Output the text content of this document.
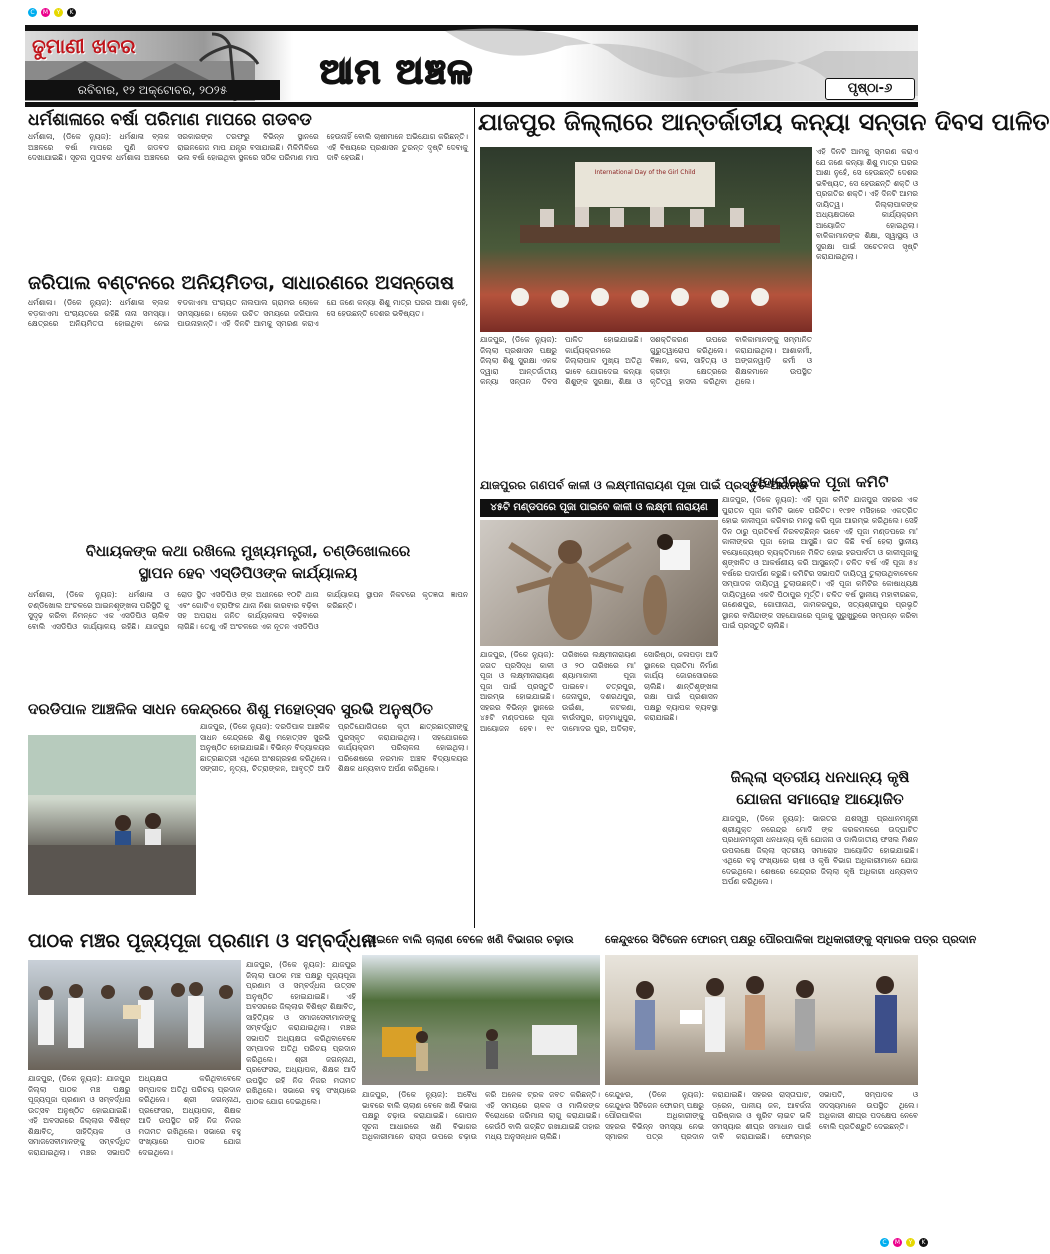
C	M	Y	K
ଢୁମାଣୀ ଖବର
ରବିବାର, ୧୨ ଅକ୍ଟୋବର, ୨୦୨୫	ଆମ ଅଞ୍ଚଳ	ପୃଷ୍ଠା-୬
ଧର୍ମଶାଳାରେ ବର୍ଷା ପରିମାଣ ମାପରେ ଗଡବଡ
ଧର୍ମଶାଳା, (ଡିକେ ନ୍ୟୁଜ): ଧର୍ମଶାଳା ବ୍ଲକ ଅଞ୍ଚଳରେ ବର୍ଷା ମାପରେ ପୁଣି ଗଡବଡ ଦେଖାଯାଇଛି। ସୂଚନା ମୁତାବକ ଧର୍ମଶାଳା ଅଞ୍ଚଳରେ ସରକାରଙ୍କ ତରଫରୁ ବିଭିନ୍ନ ସ୍ଥାନରେ ରାଇନଗେଜ ମାପ ଯନ୍ତ୍ର ବସାଯାଇଛି। ମିଳିମିଳିରେ ଭଲ ବର୍ଷା ହୋଇଥିବା ସ୍ଥଳରେ ସଠିକ ପରିମାଣ ମାପ ହେଉନାହିଁ ବୋଲି ଚାଷୀମାନେ ଅଭିଯୋଗ କରିଛନ୍ତି। ଏହି ବିଷୟରେ ପ୍ରଶାସନ ତୁରନ୍ତ ଦୃଷ୍ଟି ଦେବାକୁ ଦାବି ହେଉଛି।
ଜରିପାଲ ବଣ୍ଟନରେ ଅନିୟମିତତା, ସାଧାରଣରେ ଅସନ୍ତୋଷ
ଧର୍ମଶାଳା। (ଡିକେ ନ୍ୟୁଜ): ଧର୍ମଶାଳା ବ୍ଲକ ବଡ଼କାଏମା ପଂଚାୟତରେ ରହିଛି ନାନା ସମସ୍ୟା। କ୍ଷେତ୍ରରେ ଅନିୟମିତତା ହୋଇଥିବା ନେଇ ବଡକାଏମା ପଂଚାୟତ ନାଲପାଲ ଗ୍ରାମର ଲୋକେ ସମସ୍ୟାରେ। ଲୋକେ ଉଚିତ ସମୟରେ ଜରିପାଲ ପାଉନାହାନ୍ତି। ଏହି ଦିନଟି ଆମକୁ ସ୍ମରଣ କରାଏ ଯେ ଜଣେ କନ୍ୟା ଶିଶୁ ମାତ୍ର ଘରର ଆଶା ନୁହେଁ, ସେ ହେଉଛନ୍ତି ଦେଶର ଭବିଷ୍ୟତ।
ବିଧାୟକଙ୍କ କଥା ରଖିଲେ ମୁଖ୍ୟମନ୍ତ୍ରୀ, ଚଣ୍ଡିଖୋଲରେ
ସ୍ଥାପନ ହେବ ଏସ୍‌ଡିପିଓଙ୍କ କାର୍ଯ୍ୟାଳୟ
ଧର୍ମଶାଳା, (ଡିକେ ନ୍ୟୁଜ): ଧର୍ମଶାଳା ଓ ଚଣ୍ଡିଖୋଲ ଅଂଚଳରେ ଆଇନଶୃଙ୍ଖଳା ପରିସ୍ଥିତି କୁ ସୁଦୃଢ଼ କରିବା ନିମନ୍ତେ ଏକ ଏସଡିପିଓ ଚାଲିବ ବୋଲି ଏସଡିପିଓ କାର୍ଯ୍ୟାଳୟ ରହିଛି। ଯାଜପୁର ରୋଡ ସ୍ଥିତ ଏସଡିପିଓ ଙ୍କ ଅଧୀନରେ ୧୦ଟି ଥାନା ଏବଂ ଗୋଟିଏ ଟ୍ରାଫିକ ଥାନା ନିଶା କାରବାର ବଢ଼ିବା ସହ ଅପରାଧ ଜନିତ କାର୍ଯ୍ୟକଳାପ ବଢ଼ିବାରେ ଲାଗିଛି। ତେଣୁ ଏହି ଅଂଚଳରେ ଏକ ନୂତନ ଏସଡିପିଓ କାର୍ଯ୍ୟାଳୟ ସ୍ଥାପନ ନିକଟରେ କୃତଜ୍ଞତା ଜ୍ଞାପନ କରିଛନ୍ତି।
ଦରଡିପାଳ ଆଞ୍ଚଳିକ ସାଧନ କେନ୍ଦ୍ରରେ ଶିଶୁ ମହୋତ୍ସବ ସୁରଭି ଅନୁଷ୍ଠିତ
ଯାଜପୁର, (ଡିକେ ନ୍ୟୁଜ): ଦରଡିପାଳ ଆଞ୍ଚଳିକ ସାଧନ କେନ୍ଦ୍ରରେ ଶିଶୁ ମହୋତ୍ସବ ସୁରଭି ଅନୁଷ୍ଠିତ ହୋଇଯାଇଛି। ବିଭିନ୍ନ ବିଦ୍ୟାଳୟର ଛାତ୍ରଛାତ୍ରୀ ଏଥିରେ ଅଂଶଗ୍ରହଣ କରିଥିଲେ। ସଙ୍ଗୀତ, ନୃତ୍ୟ, ଚିତ୍ରାଙ୍କନ, ଆବୃତ୍ତି ଆଦି ପ୍ରତିଯୋଗିତାରେ କୃତୀ ଛାତ୍ରଛାତ୍ରୀଙ୍କୁ ପୁରସ୍କୃତ କରାଯାଇଥିଲା। ସହଯୋଗରେ କାର୍ଯ୍ୟକ୍ରମ ପରିଚାଳନା ହୋଇଥିଲା। ପରିଶେଷରେ ନରମାଳ ଅଞ୍ଚଳ ବିଦ୍ୟାଳୟର ଶିକ୍ଷକ ଧନ୍ୟବାଦ ଅର୍ପଣ କରିଥିଲେ।
ପାଠକ ମଞ୍ଚର ପୂଜ୍ୟପୂଜା ପ୍ରଣାମ ଓ ସମ୍ବର୍ଦ୍ଧନା
ଯାଜପୁର, (ଡିକେ ନ୍ୟୁଜ): ଯାଜପୁର ଜିଲ୍ଲା ପାଠକ ମଞ୍ଚ ପକ୍ଷରୁ ପୂଜ୍ୟପୂଜା ପ୍ରଣାମ ଓ ସମ୍ବର୍ଦ୍ଧନା ଉତ୍ସବ ଅନୁଷ୍ଠିତ ହୋଇଯାଇଛି। ଏହି ଅବସରରେ ଜିଲ୍ଲାର ବିଶିଷ୍ଟ ଶିକ୍ଷାବିତ୍, ସାହିତ୍ୟିକ ଓ ସମାଜସେବୀମାନଙ୍କୁ ସମ୍ବର୍ଦ୍ଧିତ କରାଯାଇଥିଲା। ମଞ୍ଚର ସଭାପତି ଅଧ୍ୟକ୍ଷତା କରିଥିବାବେଳେ ସମ୍ପାଦକ ଅତିଥି ପରିଚୟ ପ୍ରଦାନ କରିଥିଲେ। ଶ୍ରୀ ଜଗନ୍ନାଥ, ପ୍ରଫେସର, ଅଧ୍ୟାପକ, ଶିକ୍ଷକ ଆଦି ଉପସ୍ଥିତ ରହି ନିଜ ନିଜର ମତାମତ ରଖିଥିଲେ। ସଭାରେ ବହୁ ସଂଖ୍ୟାରେ ପାଠକ ଯୋଗ ଦେଇଥିଲେ।
ଯାଜପୁର, (ଡିକେ ନ୍ୟୁଜ): ଯାଜପୁର ଜିଲ୍ଲା ପାଠକ ମଞ୍ଚ ପକ୍ଷରୁ ପୂଜ୍ୟପୂଜା ପ୍ରଣାମ ଓ ସମ୍ବର୍ଦ୍ଧନା ଉତ୍ସବ ଅନୁଷ୍ଠିତ ହୋଇଯାଇଛି। ଏହି ଅବସରରେ ଜିଲ୍ଲାର ବିଶିଷ୍ଟ ଶିକ୍ଷାବିତ୍, ସାହିତ୍ୟିକ ଓ ସମାଜସେବୀମାନଙ୍କୁ ସମ୍ବର୍ଦ୍ଧିତ କରାଯାଇଥିଲା। ମଞ୍ଚର ସଭାପତି ଅଧ୍ୟକ୍ଷତା କରିଥିବାବେଳେ ସମ୍ପାଦକ ଅତିଥି ପରିଚୟ ପ୍ରଦାନ କରିଥିଲେ। ଶ୍ରୀ ଜଗନ୍ନାଥ, ପ୍ରଫେସର, ଅଧ୍ୟାପକ, ଶିକ୍ଷକ ଆଦି ଉପସ୍ଥିତ ରହି ନିଜ ନିଜର ମତାମତ ରଖିଥିଲେ। ସଭାରେ ବହୁ ସଂଖ୍ୟାରେ ପାଠକ ଯୋଗ ଦେଇଥିଲେ।
ଯାଜପୁର ଜିଲ୍ଲାରେ ଆନ୍ତର୍ଜାତୀୟ କନ୍ୟା ସନ୍ତାନ ଦିବସ ପାଳିତ
International Day of the Girl Child
ଏହି ଦିନଟି ଆମକୁ ସ୍ମରଣ କରାଏ ଯେ ଜଣେ କନ୍ୟା ଶିଶୁ ମାତ୍ର ଘରର ଆଶା ନୁହେଁ, ସେ ହେଉଛନ୍ତି ଦେଶର ଭବିଷ୍ୟତ, ସେ ହେଉଛନ୍ତି ଶକ୍ତି ଓ ପ୍ରଗତିର ଶକ୍ତି। ଏହି ଦିନଟି ଆମର ଦାୟିତ୍ୱ। ଜିଲ୍ଲାପାଳଙ୍କ ଅଧ୍ୟକ୍ଷତାରେ କାର୍ଯ୍ୟକ୍ରମ ଆୟୋଜିତ ହୋଇଥିଲା। ବାଳିକାମାନଙ୍କ ଶିକ୍ଷା, ସ୍ୱାସ୍ଥ୍ୟ ଓ ସୁରକ୍ଷା ପାଇଁ ସଚେତନତା ସୃଷ୍ଟି କରାଯାଇଥିଲା।
ଯାଜପୁର, (ଡିକେ ନ୍ୟୁଜ): ଜିଲ୍ଲା ପ୍ରଶାସନ ପକ୍ଷରୁ ଜିଲ୍ଲା ଶିଶୁ ସୁରକ୍ଷା ଏକକ ଦ୍ୱାରା ଆନ୍ତର୍ଜାତୀୟ କନ୍ୟା ସନ୍ତାନ ଦିବସ ପାଳିତ ହୋଇଯାଇଛି। କାର୍ଯ୍ୟକ୍ରମରେ ଜିଲ୍ଲାପାଳ ମୁଖ୍ୟ ଅତିଥି ଭାବେ ଯୋଗଦେଇ କନ୍ୟା ଶିଶୁଙ୍କ ସୁରକ୍ଷା, ଶିକ୍ଷା ଓ ସଶକ୍ତିକରଣ ଉପରେ ଗୁରୁତ୍ୱାରୋପ କରିଥିଲେ। ବିଜ୍ଞାନ, କଳା, ସାହିତ୍ୟ ଓ କ୍ରୀଡ଼ା କ୍ଷେତ୍ରରେ କୃତିତ୍ୱ ହାସଲ କରିଥିବା ବାଳିକାମାନଙ୍କୁ ସମ୍ମାନିତ କରାଯାଇଥିଲା। ଆଶାକର୍ମୀ, ଅଙ୍ଗନୱାଡ଼ି କର୍ମୀ ଓ ଶିକ୍ଷକମାନେ ଉପସ୍ଥିତ ଥିଲେ।
ଯାଜପୁରର ଗଣପର୍ବ କାଳୀ ଓ ଲକ୍ଷ୍ମୀନାରାୟଣ ପୂଜା ପାଇଁ ପ୍ରସ୍ତୁତି ଆରମ୍ଭ
୪୫ଟି ମଣ୍ଡପରେ ପୂଜା ପାଇବେ କାଳୀ ଓ ଲକ୍ଷ୍ମୀ ନାରାୟଣ
ଯାଜପୁର, (ଡିକେ ନ୍ୟୁଜ): ଜଗତ ପ୍ରସିଦ୍ଧ କାଳୀ ପୂଜା ଓ ଲକ୍ଷ୍ମୀନାରାୟଣ ପୂଜା ପାଇଁ ପ୍ରସ୍ତୁତି ଆରମ୍ଭ ହୋଇଯାଇଛି। ସହରର ବିଭିନ୍ନ ସ୍ଥାନରେ ୪୫ଟି ମଣ୍ଡପରେ ପୂଜା ଆୟୋଜନ ହେବ। ୧୯ ତାରିଖରେ ଲକ୍ଷ୍ମୀନାରାୟଣ ଓ ୨୦ ତାରିଖରେ ମା' ଶ୍ୟାମାକାଳୀ ପୂଜା ପାଇବେ। ଚତ୍ରପୁର, ଜେନାପୁର, ଦଶରଥପୁର, ଉଇଁଶା, କଟକଣା, ବାଉଁସପୁର, ଗଡ଼ମାଧୁପୁର, ଦାମୋଦର ପୁର, ଅଦିଲାବ, ସୋରିଷ୍ଠା, ଜଳାପଡ଼ା ଆଦି ସ୍ଥାନରେ ପ୍ରତିମା ନିର୍ମାଣ କାର୍ଯ୍ୟ ଜୋରସୋରରେ ଚାଲିଛି। ଶାନ୍ତିଶୃଙ୍ଖଳା ରକ୍ଷା ପାଇଁ ପ୍ରଶାସନ ପକ୍ଷରୁ ବ୍ୟାପକ ବ୍ୟବସ୍ଥା କରାଯାଇଛି।
ମହାବୀରଛକ ପୂଜା କମିଟି
ଯାଜପୁର, (ଡିକେ ନ୍ୟୁଜ): ଏହି ପୂଜା କମିଟି ଯାଜପୁର ସହରର ଏକ ପୁରାତନ ପୂଜା କମିଟି ଭାବେ ପରିଚିତ। ୧୯୭୧ ମସିହାରେ ଏକତ୍ରିତ ହୋଇ କାଳୀପୂଜା କରିବାର ମନସ୍ଥ କରି ପୂଜା ଆରମ୍ଭ କରିଥିଲେ। ସେହି ଦିନ ଠାରୁ ପ୍ରତିବର୍ଷ ନିରବଚ୍ଛିନ୍ନ ଭାବେ ଏହି ପୂଜା ମଣ୍ଡପରେ ମା' କାଳୀଙ୍କର ପୂଜା ହୋଇ ଆସୁଛି। ଗତ କିଛି ବର୍ଷ ହେଲା ସ୍ଥାନୀୟ ବୟୋଜ୍ୟେଷ୍ଠ ବ୍ୟକ୍ତିମାନେ ମିଳିତ ହୋଇ ହରପାର୍ବତୀ ଓ କାଳୀପୂଜାକୁ ଶୃଙ୍ଖଳିତ ଓ ଆକର୍ଷଣୀୟ କରି ଆସୁଛନ୍ତି। ଚଳିତ ବର୍ଷ ଏହି ପୂଜା ୫୪ ବର୍ଷରେ ପଦାର୍ପଣ କରୁଛି। କମିଟିର ସଭାପତି ଦାୟିତ୍ୱ ତୁଲାଉଥିବାବେଳେ ସମ୍ପାଦକ ଦାୟିତ୍ୱ ତୁଲାଉଛନ୍ତି। ଏହି ପୂଜା କମିଟିର କୋଷାଧ୍ୟକ୍ଷ ଦାୟିତ୍ୱରେ ଏକଟି ପିଠାପୁର ମୂର୍ତ୍ତି। ଚଳିତ ବର୍ଷ ସ୍ଥାନୀୟ ମହାବୀରଛକ, ଗଣେଶପୁର, ଗୋପୀନାଥ, ଜାମକରପୁର, ସତ୍ୟଶ୍ରୀପୁର ପ୍ରଭୃତି ସ୍ଥାନର ବାସିନ୍ଦାଙ୍କ ସହଯୋଗରେ ପୂଜାକୁ ସୁରୁଖୁରୁରେ ସମ୍ପନ୍ନ କରିବା ପାଇଁ ପ୍ରସ୍ତୁତି ଚାଲିଛି।
ଜିଲ୍ଲା ସ୍ତରୀୟ ଧନଧାନ୍ୟ କୃଷି
ଯୋଜନା ସମାରୋହ ଆୟୋଜିତ
ଯାଜପୁର, (ଡିକେ ନ୍ୟୁଜ): ଭାରତର ଯଶସ୍ୱୀ ପ୍ରଧାନମନ୍ତ୍ରୀ ଶ୍ରୀଯୁକ୍ତ ନରେନ୍ଦ୍ର ମୋଦି ଙ୍କ କରକମଳରେ ଉଦ୍‌ଘାଟିତ ପ୍ରଧାନମନ୍ତ୍ରୀ ଧନଧାନ୍ୟ କୃଷି ଯୋଜନା ଓ ଡାଲିଜାତୀୟ ଫସଲ ମିଶନ ଉପଲକ୍ଷେ ଜିଲ୍ଲା ସ୍ତରୀୟ ସମାରୋହ ଆୟୋଜିତ ହୋଇଯାଇଛି। ଏଥିରେ ବହୁ ସଂଖ୍ୟାରେ ଚାଷୀ ଓ କୃଷି ବିଭାଗ ଅଧିକାରୀମାନେ ଯୋଗ ଦେଇଥିଲେ। ଶେଷରେ କେନ୍ଦ୍ରର ଜିଲ୍ଲା କୃଷି ଅଧିକାରୀ ଧନ୍ୟବାଦ ଅର୍ପଣ କରିଥିଲେ।
ହୋଇନେ ବାଲି ଚାଲାଣ ବେଳେ ଖଣି ବିଭାଗର ଚଢ଼ାଉ
ଯାଜପୁର, (ଡିକେ ନ୍ୟୁଜ): ଅବୈଧ ଭାବରେ ବାଲି ଚାଲାଣ ବେଳେ ଖଣି ବିଭାଗ ପକ୍ଷରୁ ଚଢ଼ାଉ କରାଯାଇଛି। ଗୋପନ ସୂଚନା ଆଧାରରେ ଖଣି ବିଭାଗର ଅଧିକାରୀମାନେ ରାସ୍ତା ଉପରେ ଚଢ଼ାଉ କରି ଅନେକ ଟ୍ରକ ଜବତ କରିଛନ୍ତି। ଏହି ସମୟରେ ଚାଳକ ଓ ମାଲିକଙ୍କ ବିରୋଧରେ ଜରିମାନା ଲାଗୁ କରାଯାଇଛି। କେଉଁଠି ବାଲି ଗଚ୍ଛିତ ରଖାଯାଇଛି ତାହାର ମଧ୍ୟ ଅନୁସନ୍ଧାନ ଚାଲିଛି।
କେନ୍ଦୁଝରେ ସିଟିଜେନ ଫୋରମ୍ ପକ୍ଷରୁ ପୌରପାଳିକା ଅଧିକାରୀଙ୍କୁ ସ୍ମାରକ ପତ୍ର ପ୍ରଦାନ
କେନ୍ଦୁଝର, (ଡିକେ ନ୍ୟୁଜ): କେନ୍ଦୁଝର ସିଟିଜେନ ଫୋରମ୍ ପକ୍ଷରୁ ପୌରପାଳିକା ଅଧିକାରୀଙ୍କୁ ସହରର ବିଭିନ୍ନ ସମସ୍ୟା ନେଇ ସ୍ମାରକ ପତ୍ର ପ୍ରଦାନ କରାଯାଇଛି। ସହରର ରାସ୍ତାଘାଟ, ଡ୍ରେନ, ପାନୀୟ ଜଳ, ଆବର୍ଜନା ପରିଷ୍କାର ଓ ଷ୍ଟ୍ରିଟ ଲାଇଟ ଭଳି ସମସ୍ୟାର ଶୀଘ୍ର ସମାଧାନ ପାଇଁ ଦାବି କରାଯାଇଛି। ଫୋରମ୍‌ର ସଭାପତି, ସମ୍ପାଦକ ଓ ସଦସ୍ୟମାନେ ଉପସ୍ଥିତ ଥିଲେ। ଅଧିକାରୀ ଶୀଘ୍ର ପଦକ୍ଷେପ ନେବେ ବୋଲି ପ୍ରତିଶ୍ରୁତି ଦେଇଛନ୍ତି।
C	M	Y	K
